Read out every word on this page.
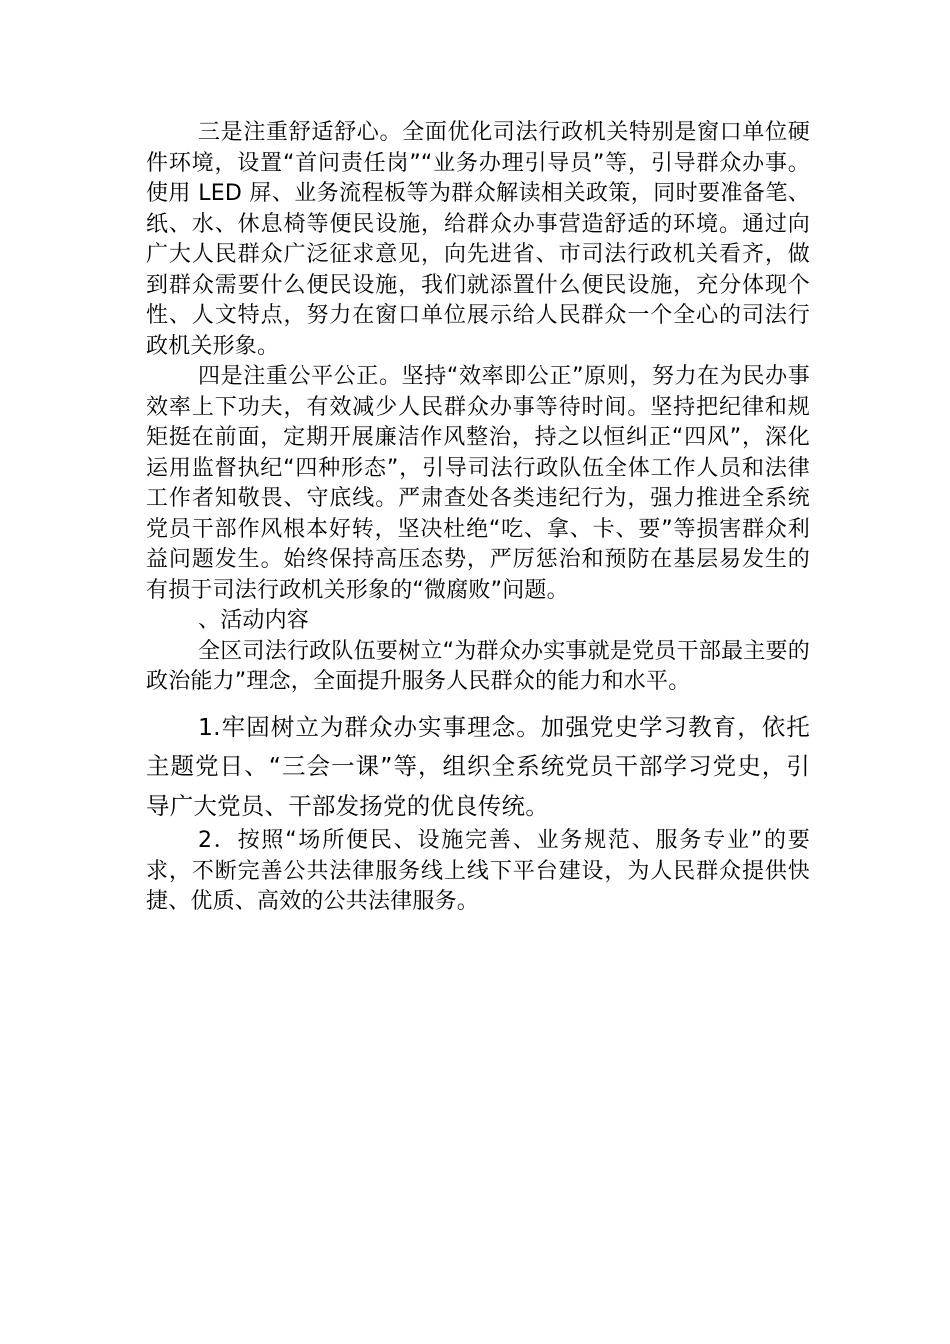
三是注重舒适舒心。全面优化司法行政机关特别是窗口单位硬件环境，设置“首问责任岗”“业务办理引导员”等，引导群众办事。使用 LED 屏、业务流程板等为群众解读相关政策，同时要准备笔、纸、水、休息椅等便民设施，给群众办事营造舒适的环境。通过向广大人民群众广泛征求意见，向先进省、市司法行政机关看齐，做到群众需要什么便民设施，我们就添置什么便民设施，充分体现个性、人文特点，努力在窗口单位展示给人民群众一个全心的司法行政机关形象。

四是注重公平公正。坚持“效率即公正”原则，努力在为民办事效率上下功夫，有效减少人民群众办事等待时间。坚持把纪律和规矩挺在前面，定期开展廉洁作风整治，持之以恒纠正“四风”，深化运用监督执纪“四种形态”，引导司法行政队伍全体工作人员和法律工作者知敬畏、守底线。严肃查处各类违纪行为，强力推进全系统党员干部作风根本好转，坚决杜绝“吃、拿、卡、要”等损害群众利益问题发生。始终保持高压态势，严厉惩治和预防在基层易发生的有损于司法行政机关形象的“微腐败”问题。

、活动内容

全区司法行政队伍要树立“为群众办实事就是党员干部最主要的政治能力”理念，全面提升服务人民群众的能力和水平。

1.牢固树立为群众办实事理念。加强党史学习教育，依托主题党日、“三会一课”等，组织全系统党员干部学习党史，引导广大党员、干部发扬党的优良传统。

2．按照“场所便民、设施完善、业务规范、服务专业”的要求，不断完善公共法律服务线上线下平台建设，为人民群众提供快捷、优质、高效的公共法律服务。
